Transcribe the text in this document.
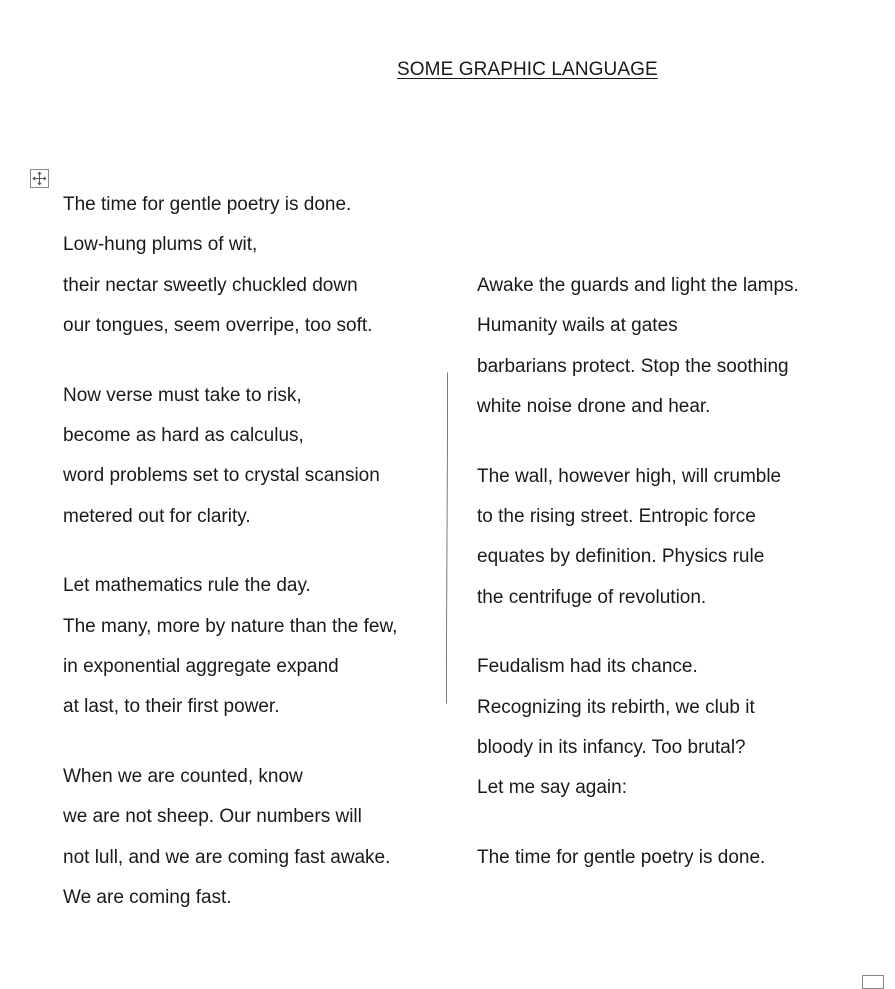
SOME GRAPHIC LANGUAGE
The time for gentle poetry is done.
Low-hung plums of wit,
their nectar sweetly chuckled down
our tongues, seem overripe, too soft.
Now verse must take to risk,
become as hard as calculus,
word problems set to crystal scansion
metered out for clarity.
Let mathematics rule the day.
The many, more by nature than the few,
in exponential aggregate expand
at last, to their first power.
When we are counted, know
we are not sheep. Our numbers will
not lull, and we are coming fast awake.
We are coming fast.
Awake the guards and light the lamps.
Humanity wails at gates
barbarians protect. Stop the soothing
white noise drone and hear.
The wall, however high, will crumble
to the rising street. Entropic force
equates by definition. Physics rule
the centrifuge of revolution.
Feudalism had its chance.
Recognizing its rebirth, we club it
bloody in its infancy. Too brutal?
Let me say again:
The time for gentle poetry is done.
